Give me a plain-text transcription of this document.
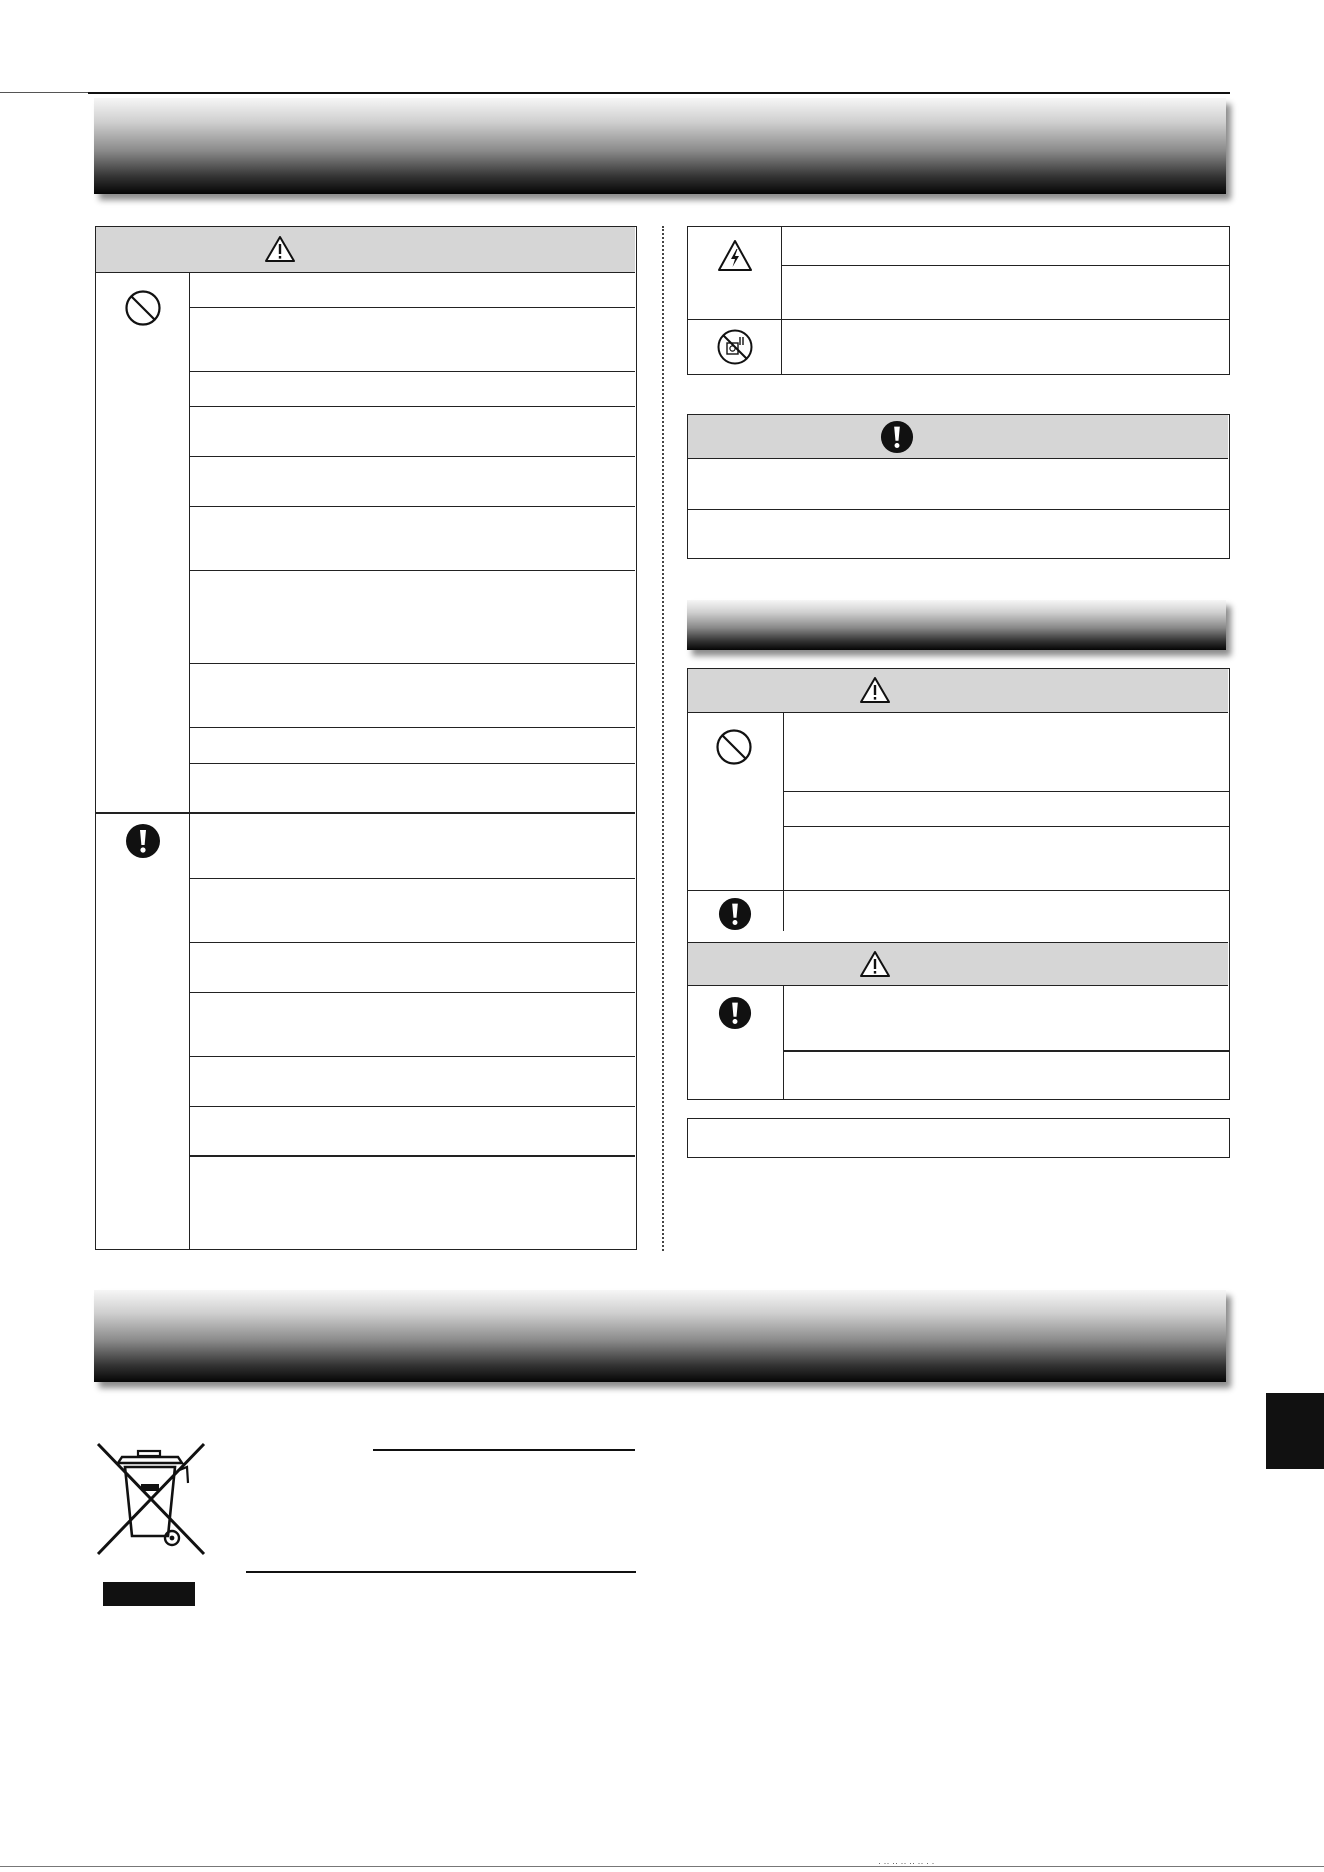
· ·· ·· ·· ·· ·· · ·
